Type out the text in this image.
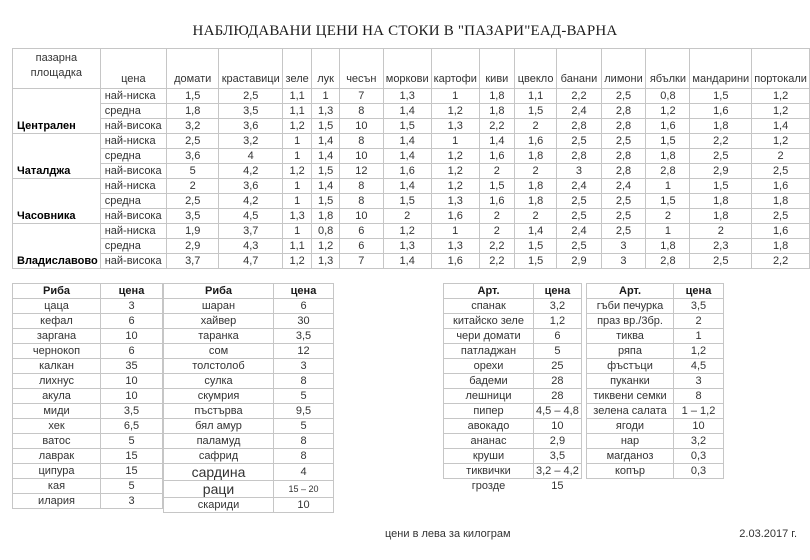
НАБЛЮДАВАНИ ЦЕНИ НА СТОКИ В "ПАЗАРИ"ЕАД-ВАРНА
пазарна
площадка	цена	домати	краставици	зеле	лук	чесън	моркови	картофи	киви	цвекло	банани	лимони	ябълки	мандарини	портокали
Централен	най-ниска	1,5	2,5	1,1	1	7	1,3	1	1,8	1,1	2,2	2,5	0,8	1,5	1,2
	средна	1,8	3,5	1,1	1,3	8	1,4	1,2	1,8	1,5	2,4	2,8	1,2	1,6	1,2
	най-висока	3,2	3,6	1,2	1,5	10	1,5	1,3	2,2	2	2,8	2,8	1,6	1,8	1,4
Чаталджа	най-ниска	2,5	3,2	1	1,4	8	1,4	1	1,4	1,6	2,5	2,5	1,5	2,2	1,2
	средна	3,6	4	1	1,4	10	1,4	1,2	1,6	1,8	2,8	2,8	1,8	2,5	2
	най-висока	5	4,2	1,2	1,5	12	1,6	1,2	2	2	3	2,8	2,8	2,9	2,5
Часовника	най-ниска	2	3,6	1	1,4	8	1,4	1,2	1,5	1,8	2,4	2,4	1	1,5	1,6
	средна	2,5	4,2	1	1,5	8	1,5	1,3	1,6	1,8	2,5	2,5	1,5	1,8	1,8
	най-висока	3,5	4,5	1,3	1,8	10	2	1,6	2	2	2,5	2,5	2	1,8	2,5
Владиславово	най-ниска	1,9	3,7	1	0,8	6	1,2	1	2	1,4	2,4	2,5	1	2	1,6
	средна	2,9	4,3	1,1	1,2	6	1,3	1,3	2,2	1,5	2,5	3	1,8	2,3	1,8
	най-висока	3,7	4,7	1,2	1,3	7	1,4	1,6	2,2	1,5	2,9	3	2,8	2,5	2,2
Риба	цена
цаца	3
кефал	6
заргана	10
чернокоп	6
калкан	35
лихнус	10
акула	10
миди	3,5
хек	6,5
ватос	5
лаврак	15
ципура	15
кая	5
илария	3
Риба	цена
шаран	6
хайвер	30
таранка	3,5
сом	12
толстолоб	3
сулка	8
скумрия	5
пъстърва	9,5
бял амур	5
паламуд	8
сафрид	8
сардина	4
раци	15 – 20
скариди	10
Арт.	цена
спанак	3,2
китайско зеле	1,2
чери домати	6
патладжан	5
орехи	25
бадеми	28
лешници	28
пипер	4,5 – 4,8
авокадо	10
ананас	2,9
круши	3,5
тиквички	3,2 – 4,2
грозде	15
Арт.	цена
гъби печурка	3,5
праз вр./3бр.	2
тиква	1
ряпа	1,2
фъстъци	4,5
пуканки	3
тиквени семки	8
зелена салата	1 – 1,2
ягоди	10
нар	3,2
магданоз	0,3
копър	0,3
цени в лева за килограм	2.03.2017 г.
